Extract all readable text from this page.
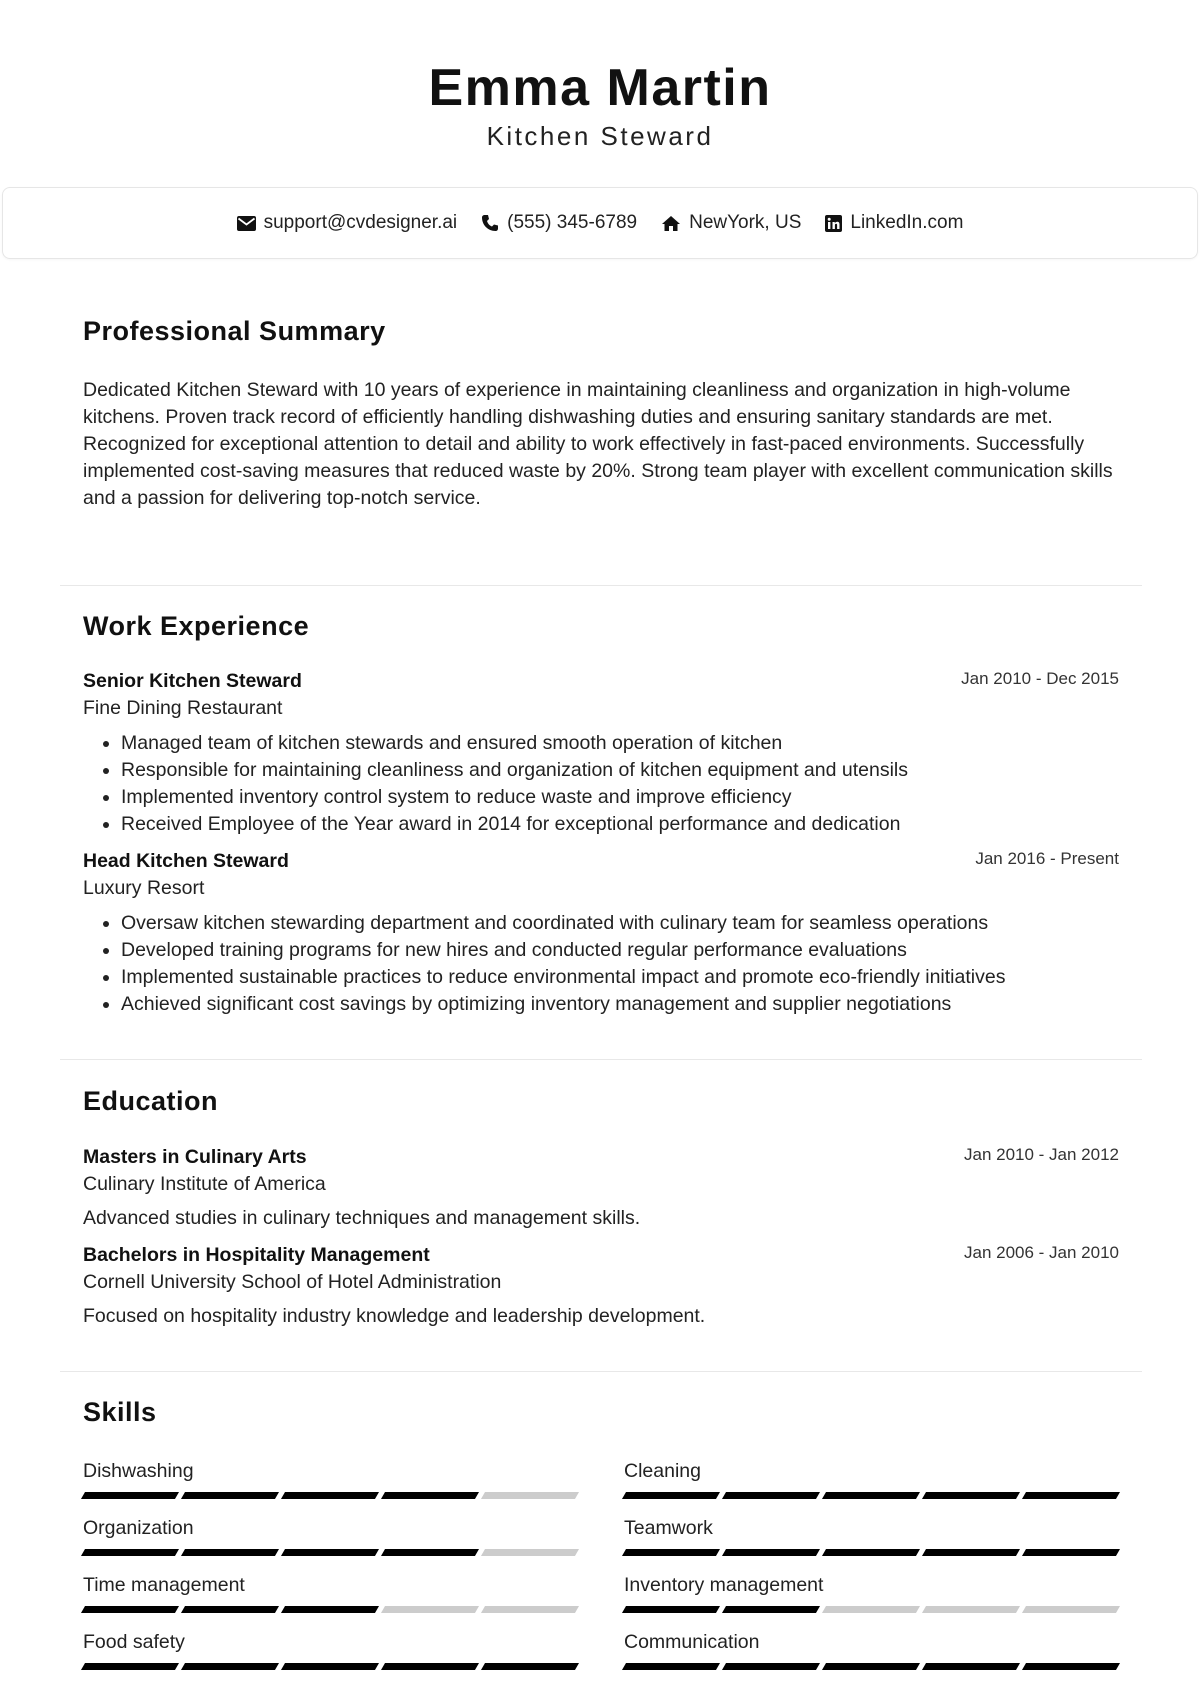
Emma Martin
Kitchen Steward
support@cvdesigner.ai	(555) 345-6789	NewYork, US	LinkedIn.com
Professional Summary
Dedicated Kitchen Steward with 10 years of experience in maintaining cleanliness and organization in high-volume kitchens. Proven track record of efficiently handling dishwashing duties and ensuring sanitary standards are met. Recognized for exceptional attention to detail and ability to work effectively in fast-paced environments. Successfully implemented cost-saving measures that reduced waste by 20%. Strong team player with excellent communication skills and a passion for delivering top-notch service.
Work Experience
Senior Kitchen Steward	Jan 2010 - Dec 2015
Fine Dining Restaurant
• Managed team of kitchen stewards and ensured smooth operation of kitchen
• Responsible for maintaining cleanliness and organization of kitchen equipment and utensils
• Implemented inventory control system to reduce waste and improve efficiency
• Received Employee of the Year award in 2014 for exceptional performance and dedication
Head Kitchen Steward	Jan 2016 - Present
Luxury Resort
• Oversaw kitchen stewarding department and coordinated with culinary team for seamless operations
• Developed training programs for new hires and conducted regular performance evaluations
• Implemented sustainable practices to reduce environmental impact and promote eco-friendly initiatives
• Achieved significant cost savings by optimizing inventory management and supplier negotiations
Education
Masters in Culinary Arts	Jan 2010 - Jan 2012
Culinary Institute of America
Advanced studies in culinary techniques and management skills.
Bachelors in Hospitality Management	Jan 2006 - Jan 2010
Cornell University School of Hotel Administration
Focused on hospitality industry knowledge and leadership development.
Skills
Dishwashing	Cleaning
Organization	Teamwork
Time management	Inventory management
Food safety	Communication
